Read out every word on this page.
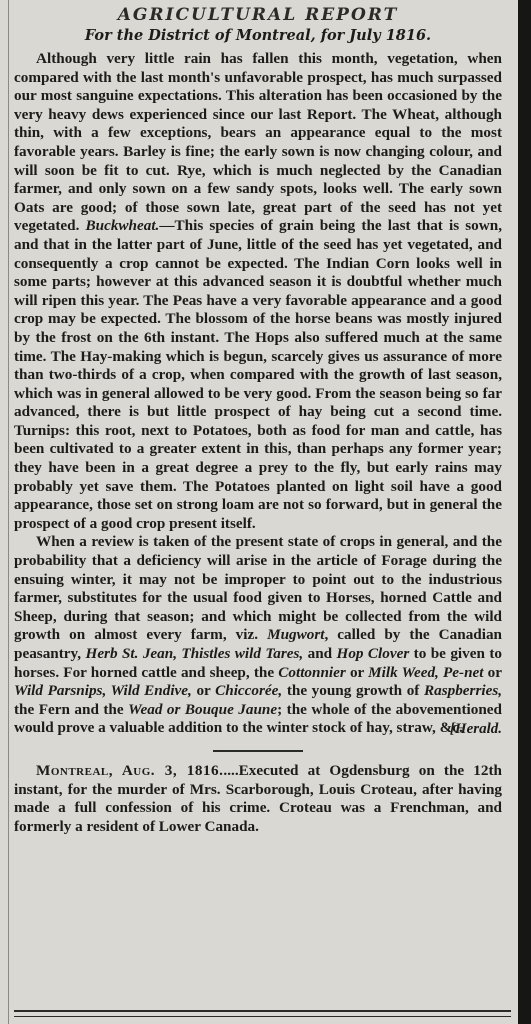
AGRICULTURAL REPORT
For the District of Montreal, for July 1816.

Although very little rain has fallen this month, vegetation, when compared with the last month's unfavorable prospect, has much surpassed our most sanguine expectations. This alteration has been occasioned by the very heavy dews experienced since our last Report. The Wheat, although thin, with a few exceptions, bears an appearance equal to the most favorable years. Barley is fine; the early sown is now changing colour, and will soon be fit to cut. Rye, which is much neglected by the Canadian farmer, and only sown on a few sandy spots, looks well. The early sown Oats are good; of those sown late, great part of the seed has not yet vegetated. Buckwheat.—This species of grain being the last that is sown, and that in the latter part of June, little of the seed has yet vegetated, and consequently a crop cannot be expected. The Indian Corn looks well in some parts; however at this advanced season it is doubtful whether much will ripen this year. The Peas have a very favorable appearance and a good crop may be expected. The blossom of the horse beans was mostly injured by the frost on the 6th instant. The Hops also suffered much at the same time. The Hay-making which is begun, scarcely gives us assurance of more than two-thirds of a crop, when compared with the growth of last season, which was in general allowed to be very good. From the season being so far advanced, there is but little prospect of hay being cut a second time. Turnips: this root, next to Potatoes, both as food for man and cattle, has been cultivated to a greater extent in this, than perhaps any former year; they have been in a great degree a prey to the fly, but early rains may probably yet save them. The Potatoes planted on light soil have a good appearance, those set on strong loam are not so forward, but in general the prospect of a good crop present itself.

When a review is taken of the present state of crops in general, and the probability that a deficiency will arise in the article of Forage during the ensuing winter, it may not be improper to point out to the industrious farmer, substitutes for the usual food given to Horses, horned Cattle and Sheep, during that season; and which might be collected from the wild growth on almost every farm, viz. Mugwort, called by the Canadian peasantry, Herb St. Jean, Thistles wild Tares, and Hop Clover to be given to horses. For horned cattle and sheep, the Cottonnier or Milk Weed, Pe-net or Wild Parsnips, Wild Endive, or Chiccorée, the young growth of Raspberries, the Fern and the Wead or Bouque Jaune; the whole of the abovementioned would prove a valuable addition to the winter stock of hay, straw, &c.

[Herald.

Montreal, Aug. 3, 1816.....Executed at Ogdensburg on the 12th instant, for the murder of Mrs. Scarborough, Louis Croteau, after having made a full confession of his crime. Croteau was a Frenchman, and formerly a resident of Lower Canada.
